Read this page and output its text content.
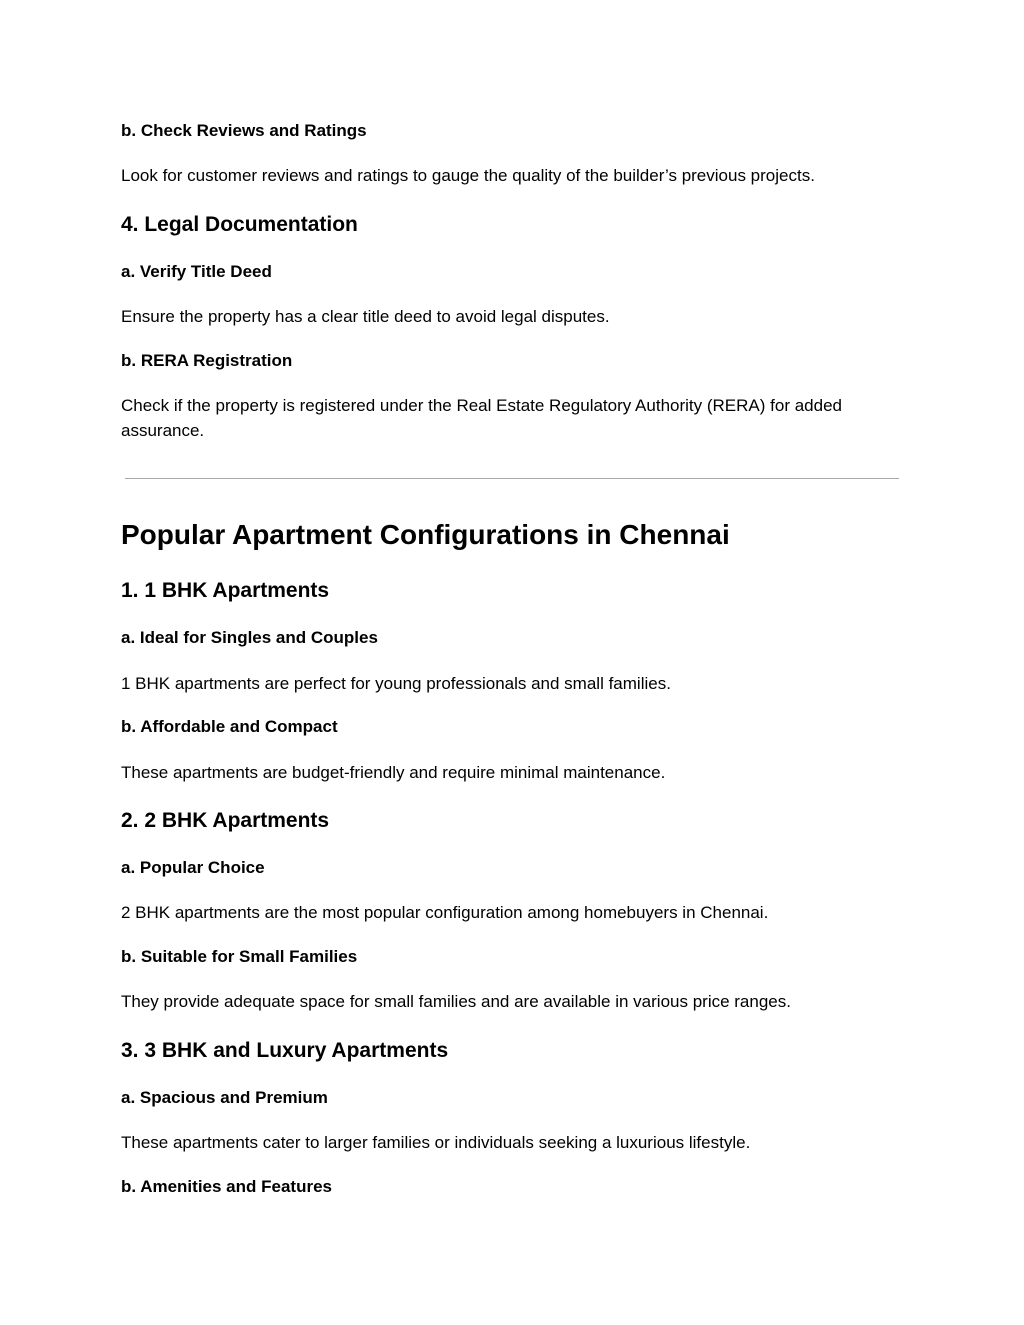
b. Check Reviews and Ratings

Look for customer reviews and ratings to gauge the quality of the builder’s previous projects.

4. Legal Documentation
a. Verify Title Deed

Ensure the property has a clear title deed to avoid legal disputes.

b. RERA Registration

Check if the property is registered under the Real Estate Regulatory Authority (RERA) for added assurance.

Popular Apartment Configurations in Chennai
1. 1 BHK Apartments
a. Ideal for Singles and Couples

1 BHK apartments are perfect for young professionals and small families.

b. Affordable and Compact

These apartments are budget-friendly and require minimal maintenance.

2. 2 BHK Apartments
a. Popular Choice

2 BHK apartments are the most popular configuration among homebuyers in Chennai.

b. Suitable for Small Families

They provide adequate space for small families and are available in various price ranges.

3. 3 BHK and Luxury Apartments
a. Spacious and Premium

These apartments cater to larger families or individuals seeking a luxurious lifestyle.

b. Amenities and Features
